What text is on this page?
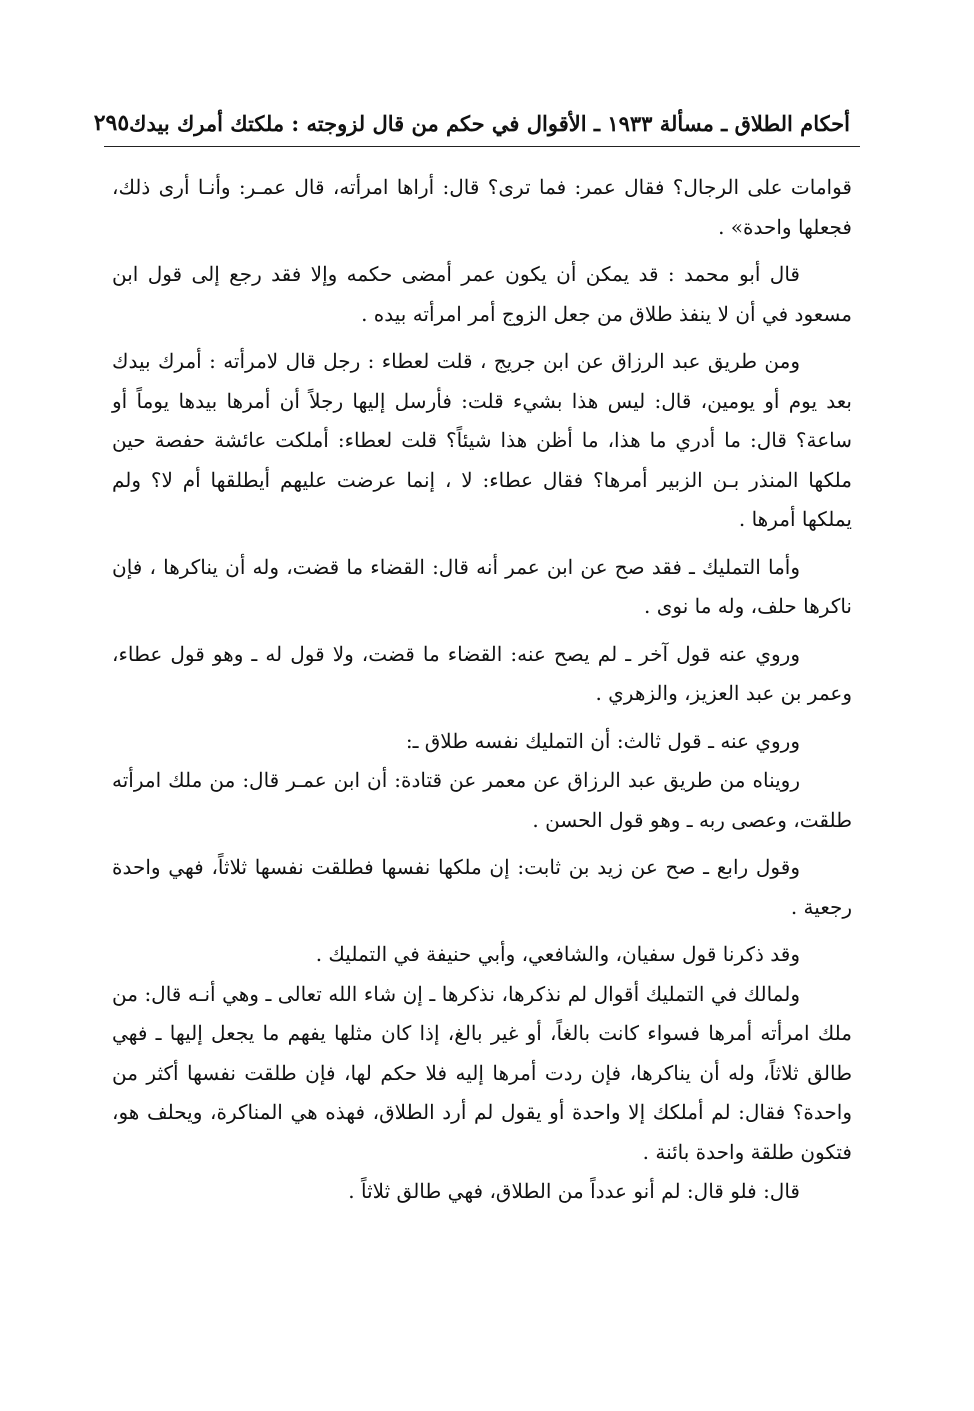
أحكام الطلاق ـ مسألة ١٩٣٣ ـ الأقوال في حكم من قال لزوجته : ملكتك أمرك بيدك
٢٩٥

قوامات على الرجال؟ فقال عمر: فما ترى؟ قال: أراها امرأته، قال عمـر: وأنـا أرى ذلك، فجعلها واحدة» .

قال أبو محمد : قد يمكن أن يكون عمر أمضى حكمه وإلا فقد رجع إلى قول ابن مسعود في أن لا ينفذ طلاق من جعل الزوج أمر امرأته بيده .

ومن طريق عبد الرزاق عن ابن جريج ، قلت لعطاء : رجل قال لامرأته : أمرك بيدك بعد يوم أو يومين، قال: ليس هذا بشيء قلت: فأرسل إليها رجلاً أن أمرها بيدها يوماً أو ساعة؟ قال: ما أدري ما هذا، ما أظن هذا شيئاً؟ قلت لعطاء: أملكت عائشة حفصة حين ملكها المنذر بـن الزبير أمرها؟ فقال عطاء: لا ، إنما عرضت عليهم أيطلقها أم لا؟ ولم يملكها أمرها .

وأما التمليك ـ فقد صح عن ابن عمر أنه قال: القضاء ما قضت، وله أن يناكرها ، فإن ناكرها حلف، وله ما نوى .

وروي عنه قول آخر ـ لم يصح عنه: القضاء ما قضت، ولا قول له ـ وهو قول عطاء، وعمر بن عبد العزيز، والزهري .

وروي عنه ـ قول ثالث: أن التمليك نفسه طلاق ـ:

رويناه من طريق عبد الرزاق عن معمر عن قتادة: أن ابن عمـر قال: من ملك امرأته طلقت، وعصى ربه ـ وهو قول الحسن .

وقول رابع ـ صح عن زيد بن ثابت: إن ملكها نفسها فطلقت نفسها ثلاثاً، فهي واحدة رجعية .

وقد ذكرنا قول سفيان، والشافعي، وأبي حنيفة في التمليك .

ولمالك في التمليك أقوال لم نذكرها، نذكرها ـ إن شاء الله تعالى ـ وهي أنـه قال: من ملك امرأته أمرها فسواء كانت بالغاً، أو غير بالغ، إذا كان مثلها يفهم ما يجعل إليها ـ فهي طالق ثلاثاً، وله أن يناكرها، فإن ردت أمرها إليه فلا حكم لها، فإن طلقت نفسها أكثر من واحدة؟ فقال: لم أملكك إلا واحدة أو يقول لم أرد الطلاق، فهذه هي المناكرة، ويحلف هو، فتكون طلقة واحدة بائنة .

قال: فلو قال: لم أنو عدداً من الطلاق، فهي طالق ثلاثاً .
